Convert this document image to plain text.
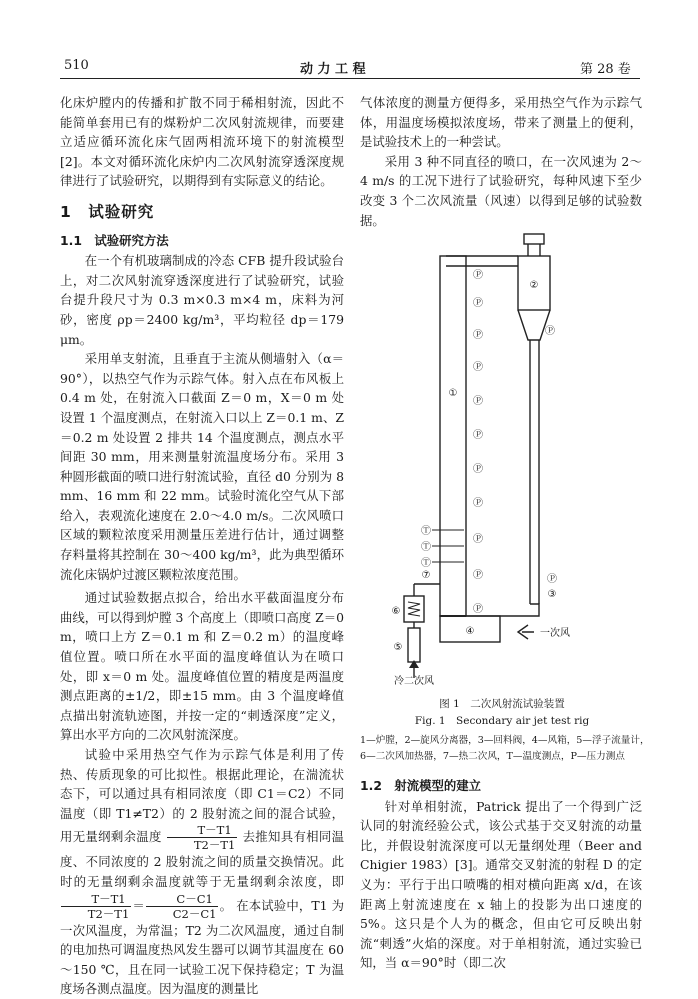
510	动 力 工 程	第 28 卷

化床炉膛内的传播和扩散不同于稀相射流，因此不能简单套用已有的煤粉炉二次风射流规律，而要建立适应循环流化床气固两相流环境下的射流模型[2]。本文对循环流化床炉内二次风射流穿透深度规律进行了试验研究，以期得到有实际意义的结论。

1　试验研究
1.1　试验研究方法

在一个有机玻璃制成的冷态 CFB 提升段试验台上，对二次风射流穿透深度进行了试验研究，试验台提升段尺寸为 0.3 m×0.3 m×4 m，床料为河砂，密度 ρp＝2400 kg/m³，平均粒径 dp＝179 μm。

采用单支射流，且垂直于主流从侧墙射入（α＝90°），以热空气作为示踪气体。射入点在布风板上 0.4 m 处，在射流入口截面 Z＝0 m，X＝0 m 处设置 1 个温度测点，在射流入口以上 Z＝0.1 m、Z＝0.2 m 处设置 2 排共 14 个温度测点，测点水平间距 30 mm，用来测量射流温度场分布。采用 3 种圆形截面的喷口进行射流试验，直径 d0 分别为 8 mm、16 mm 和 22 mm。试验时流化空气从下部给入，表观流化速度在 2.0～4.0 m/s。二次风喷口区域的颗粒浓度采用测量压差进行估计，通过调整存料量将其控制在 30～400 kg/m³，此为典型循环流化床锅炉过渡区颗粒浓度范围。

通过试验数据点拟合，给出水平截面温度分布曲线，可以得到炉膛 3 个高度上（即喷口高度 Z＝0 m，喷口上方 Z＝0.1 m 和 Z＝0.2 m）的温度峰值位置。喷口所在水平面的温度峰值认为在喷口处，即 x＝0 m 处。温度峰值位置的精度是两温度测点距离的±1/2，即±15 mm。由 3 个温度峰值点描出射流轨迹图，并按一定的“刺透深度”定义，算出水平方向的二次风射流深度。

试验中采用热空气作为示踪气体是利用了传热、传质现象的可比拟性。根据此理论，在湍流状态下，可以通过具有相同浓度（即 C1＝C2）不同温度（即 T1≠T2）的 2 股射流之间的混合试验，用无量纲剩余温度 $\frac{T-T1}{T2-T1}$ 去推知具有相同温度、不同浓度的 2 股射流之间的质量交换情况。此时的无量纲剩余温度就等于无量纲剩余浓度，即
$\frac{T-T1}{T2-T1} = \frac{C-C1}{C2-C1}$ 。 在本试验中，T1 为一次风温度，为常温；T2 为二次风温度，通过自制的电加热可调温度热风发生器可以调节其温度在 60～150 ℃，且在同一试验工况下保持稳定；T 为温度场各测点温度。因为温度的测量比

气体浓度的测量方便得多，采用热空气作为示踪气体，用温度场模拟浓度场，带来了测量上的便利，是试验技术上的一种尝试。

采用 3 种不同直径的喷口，在一次风速为 2～4 m/s 的工况下进行了试验研究，每种风速下至少改变 3 个二次风流量（风速）以得到足够的试验数据。

②
①
③
④
⑤
⑥
⑦
Ⓟ
Ⓟ
Ⓟ
Ⓟ
Ⓟ
Ⓟ
Ⓟ
Ⓟ
Ⓟ
Ⓟ
Ⓟ
Ⓟ
Ⓟ
Ⓣ
Ⓣ
Ⓣ
一次风
冷二次风
图 1　二次风射流试验装置
Fig. 1　Secondary air jet test rig
1—炉膛，2—旋风分离器，3—回料阀，4—风箱，5—浮子流量计，
6—二次风加热器，7—热二次风，T—温度测点，P—压力测点
1.2　射流模型的建立

针对单相射流，Patrick 提出了一个得到广泛认同的射流经验公式，该公式基于交叉射流的动量比，并假设射流深度可以无量纲处理（Beer and Chigier 1983）[3]。通常交叉射流的射程 D 的定义为：平行于出口喷嘴的相对横向距离 x/d，在该距离上射流速度在 x 轴上的投影为出口速度的 5%。这只是个人为的概念，但由它可反映出射流“刺透”火焰的深度。对于单相射流，通过实验已知，当 α＝90°时（即二次
